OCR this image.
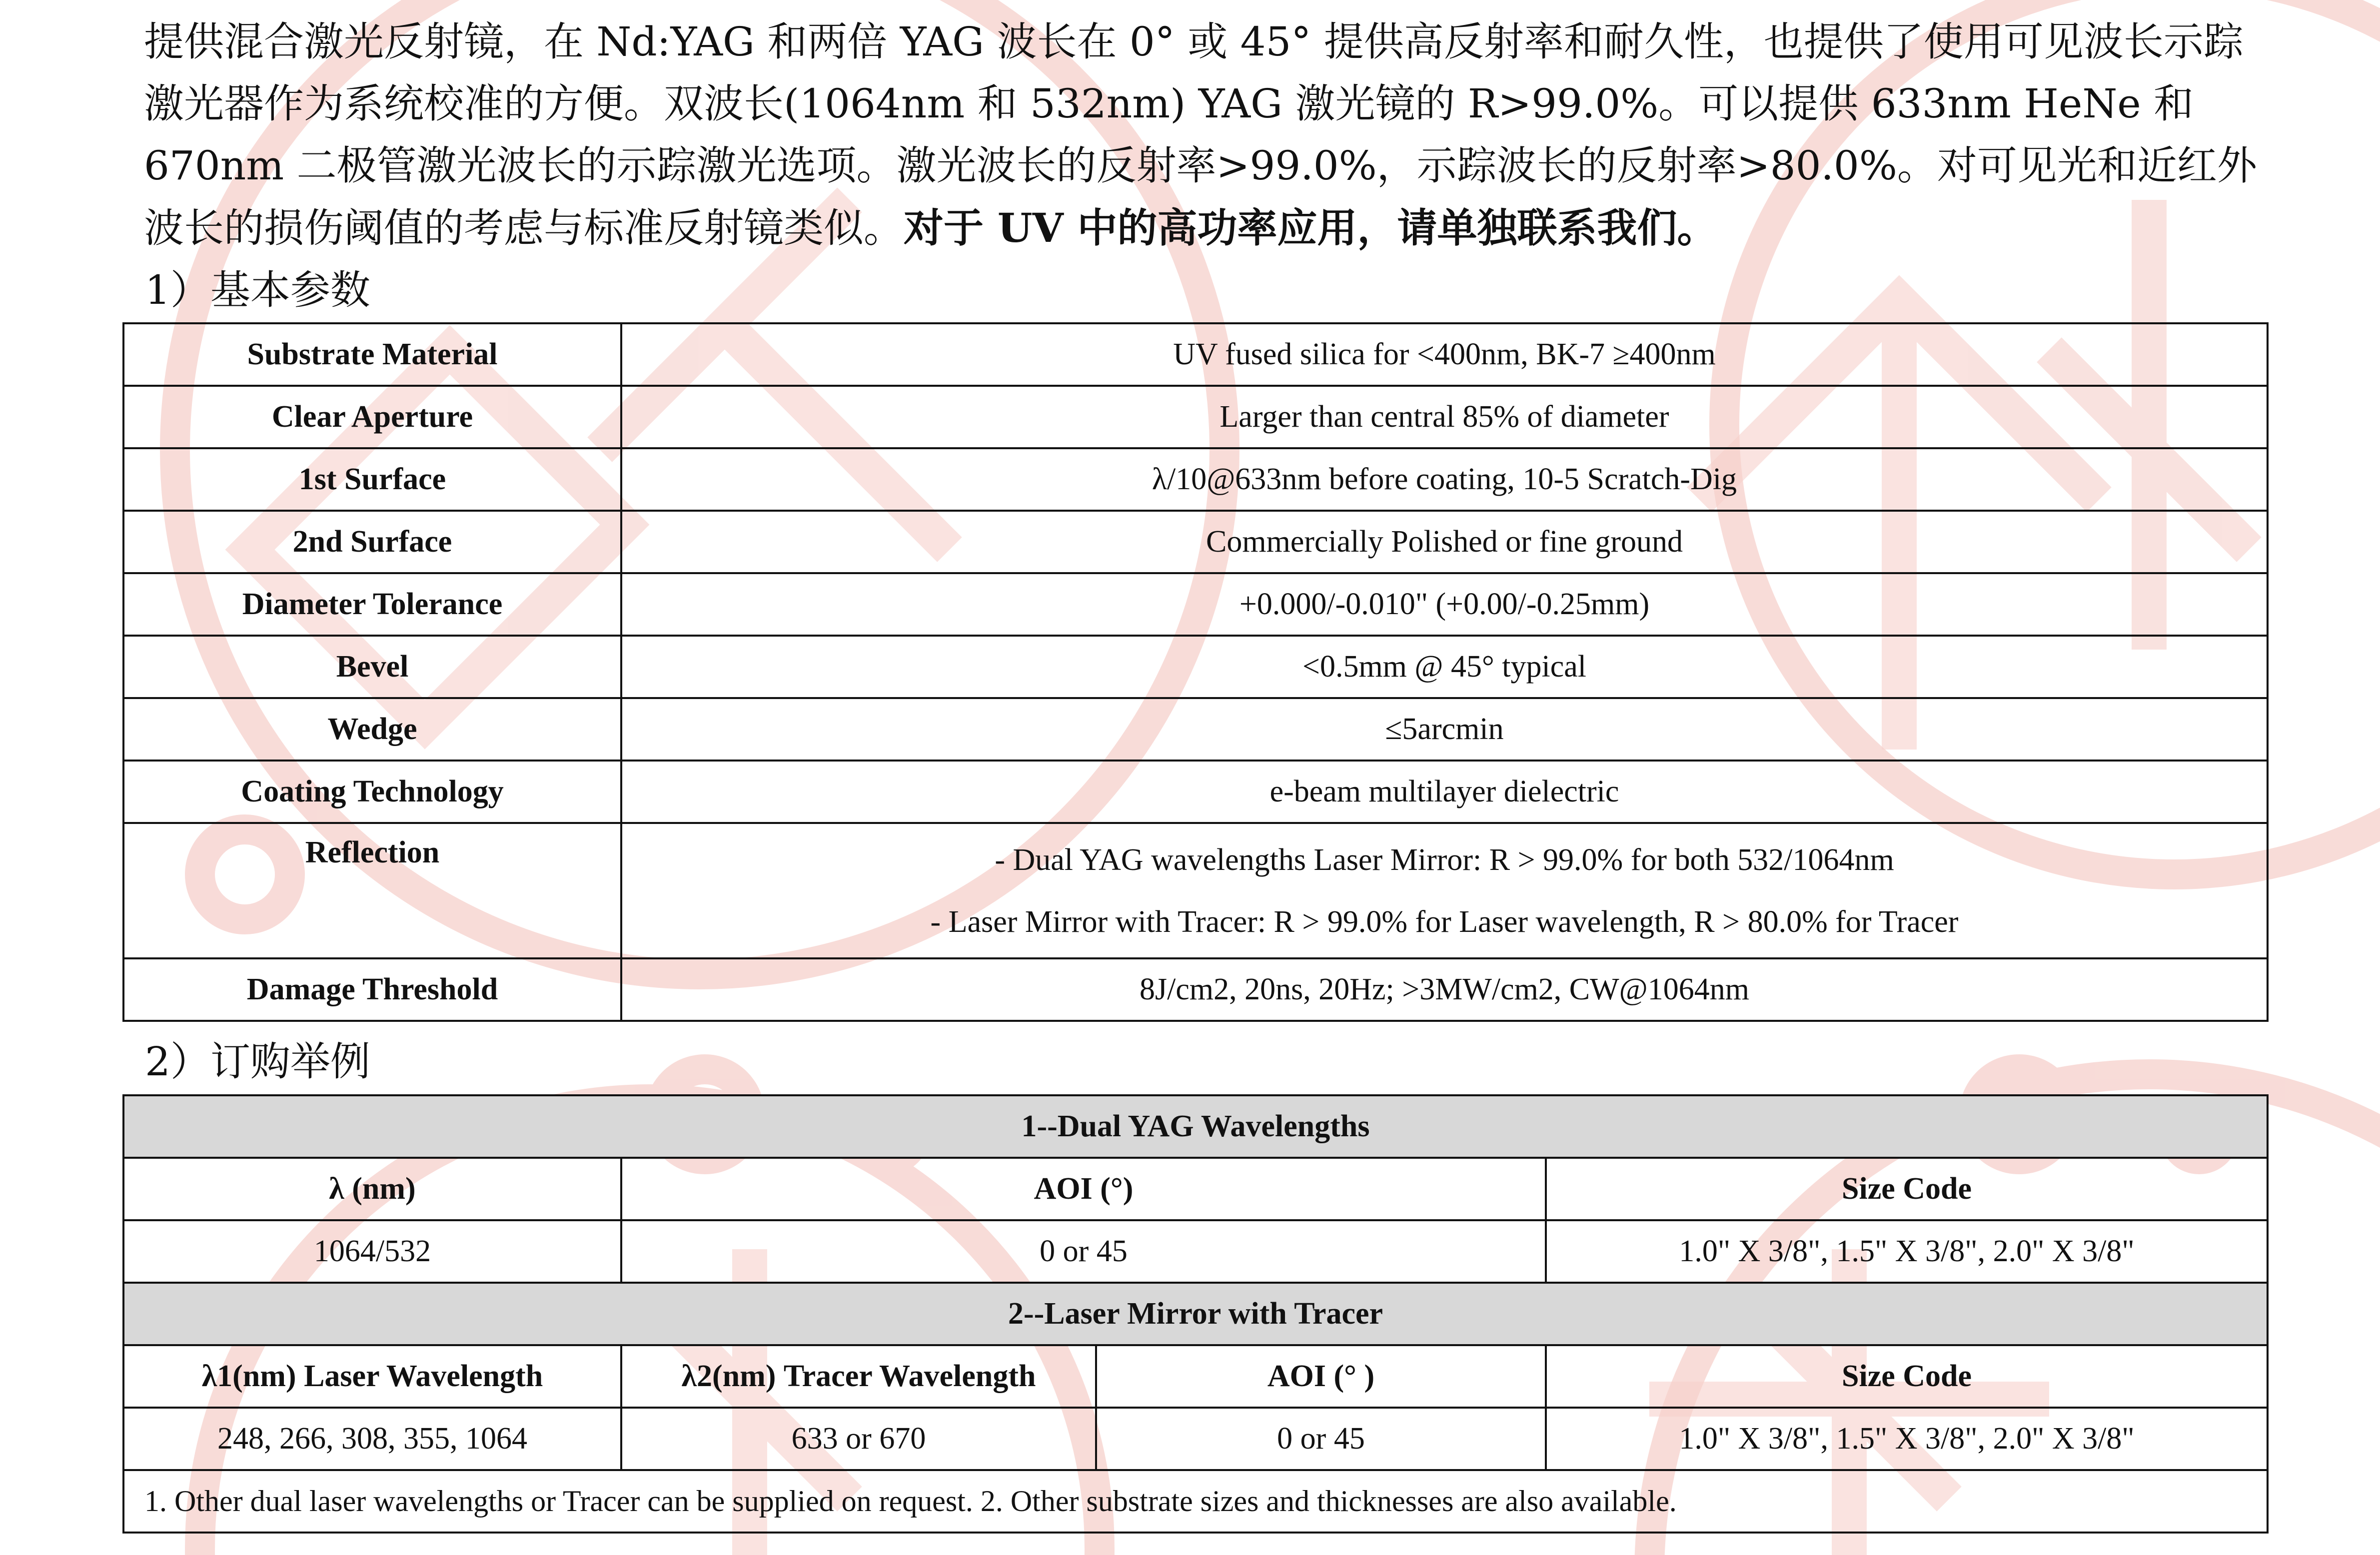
提供混合激光反射镜，在 Nd:YAG 和两倍 YAG 波长在 0° 或 45° 提供高反射率和耐久性，也提供了使用可见波长示踪激光器作为系统校准的方便。双波长(1064nm 和 532nm) YAG 激光镜的 R>99.0%。可以提供 633nm HeNe 和 670nm 二极管激光波长的示踪激光选项。激光波长的反射率>99.0%，示踪波长的反射率>80.0%。对可见光和近红外波长的损伤阈值的考虑与标准反射镜类似。对于 UV 中的高功率应用，请单独联系我们。

1）基本参数
Substrate Material	UV fused silica for <400nm, BK-7 ≥400nm
Clear Aperture	Larger than central 85% of diameter
1st Surface	λ/10@633nm before coating, 10-5 Scratch-Dig
2nd Surface	Commercially Polished or fine ground
Diameter Tolerance	+0.000/-0.010" (+0.00/-0.25mm)
Bevel	<0.5mm @ 45° typical
Wedge	≤5arcmin
Coating Technology	e-beam multilayer dielectric
Reflection	- Dual YAG wavelengths Laser Mirror: R > 99.0% for both 532/1064nm
- Laser Mirror with Tracer: R > 99.0% for Laser wavelength, R > 80.0% for Tracer

Damage Threshold	8J/cm2, 20ns, 20Hz; >3MW/cm2, CW@1064nm
2）订购举例
1--Dual YAG Wavelengths			
λ (nm)	AOI (°)		Size Code
1064/532	0 or 45		1.0" X 3/8", 1.5" X 3/8", 2.0" X 3/8"
2--Laser Mirror with Tracer			
λ1(nm) Laser Wavelength	λ2(nm) Tracer Wavelength	AOI (° )	Size Code
248, 266, 308, 355, 1064	633 or 670	0 or 45	1.0" X 3/8", 1.5" X 3/8", 2.0" X 3/8"
1. Other dual laser wavelengths or Tracer can be supplied on request. 2. Other substrate sizes and thicknesses are also available.			
